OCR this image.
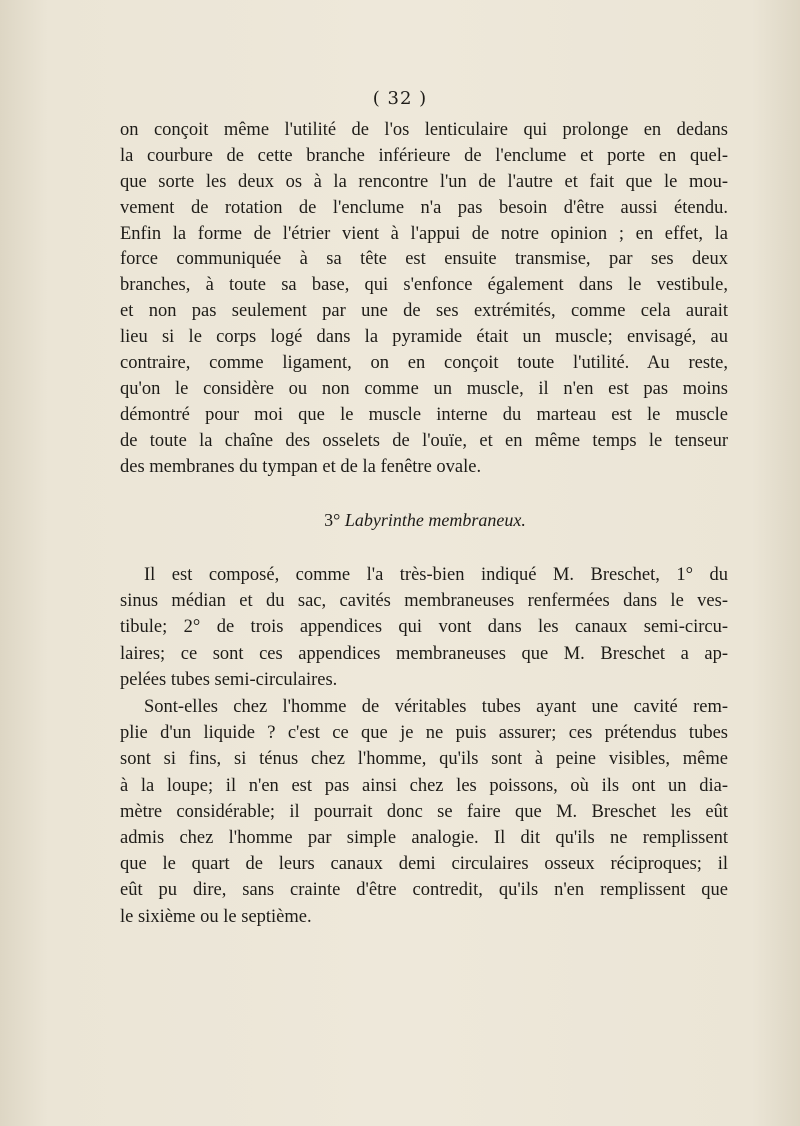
( 32 )
on conçoit même l'utilité de l'os lenticulaire qui prolonge en dedans
la courbure de cette branche inférieure de l'enclume et porte en quel-
que sorte les deux os à la rencontre l'un de l'autre et fait que le mou-
vement de rotation de l'enclume n'a pas besoin d'être aussi étendu.
Enfin la forme de l'étrier vient à l'appui de notre opinion ; en effet, la
force communiquée à sa tête est ensuite transmise, par ses deux
branches, à toute sa base, qui s'enfonce également dans le vestibule,
et non pas seulement par une de ses extrémités, comme cela aurait
lieu si le corps logé dans la pyramide était un muscle; envisagé, au
contraire, comme ligament, on en conçoit toute l'utilité. Au reste,
qu'on le considère ou non comme un muscle, il n'en est pas moins
démontré pour moi que le muscle interne du marteau est le muscle
de toute la chaîne des osselets de l'ouïe, et en même temps le tenseur
des membranes du tympan et de la fenêtre ovale.
3° Labyrinthe membraneux.
Il est composé, comme l'a très-bien indiqué M. Breschet, 1° du
sinus médian et du sac, cavités membraneuses renfermées dans le ves-
tibule; 2° de trois appendices qui vont dans les canaux semi-circu-
laires; ce sont ces appendices membraneuses que M. Breschet a ap-
pelées tubes semi-circulaires.
Sont-elles chez l'homme de véritables tubes ayant une cavité rem-
plie d'un liquide ? c'est ce que je ne puis assurer; ces prétendus tubes
sont si fins, si ténus chez l'homme, qu'ils sont à peine visibles, même
à la loupe; il n'en est pas ainsi chez les poissons, où ils ont un dia-
mètre considérable; il pourrait donc se faire que M. Breschet les eût
admis chez l'homme par simple analogie. Il dit qu'ils ne remplissent
que le quart de leurs canaux demi circulaires osseux réciproques; il
eût pu dire, sans crainte d'être contredit, qu'ils n'en remplissent que
le sixième ou le septième.
